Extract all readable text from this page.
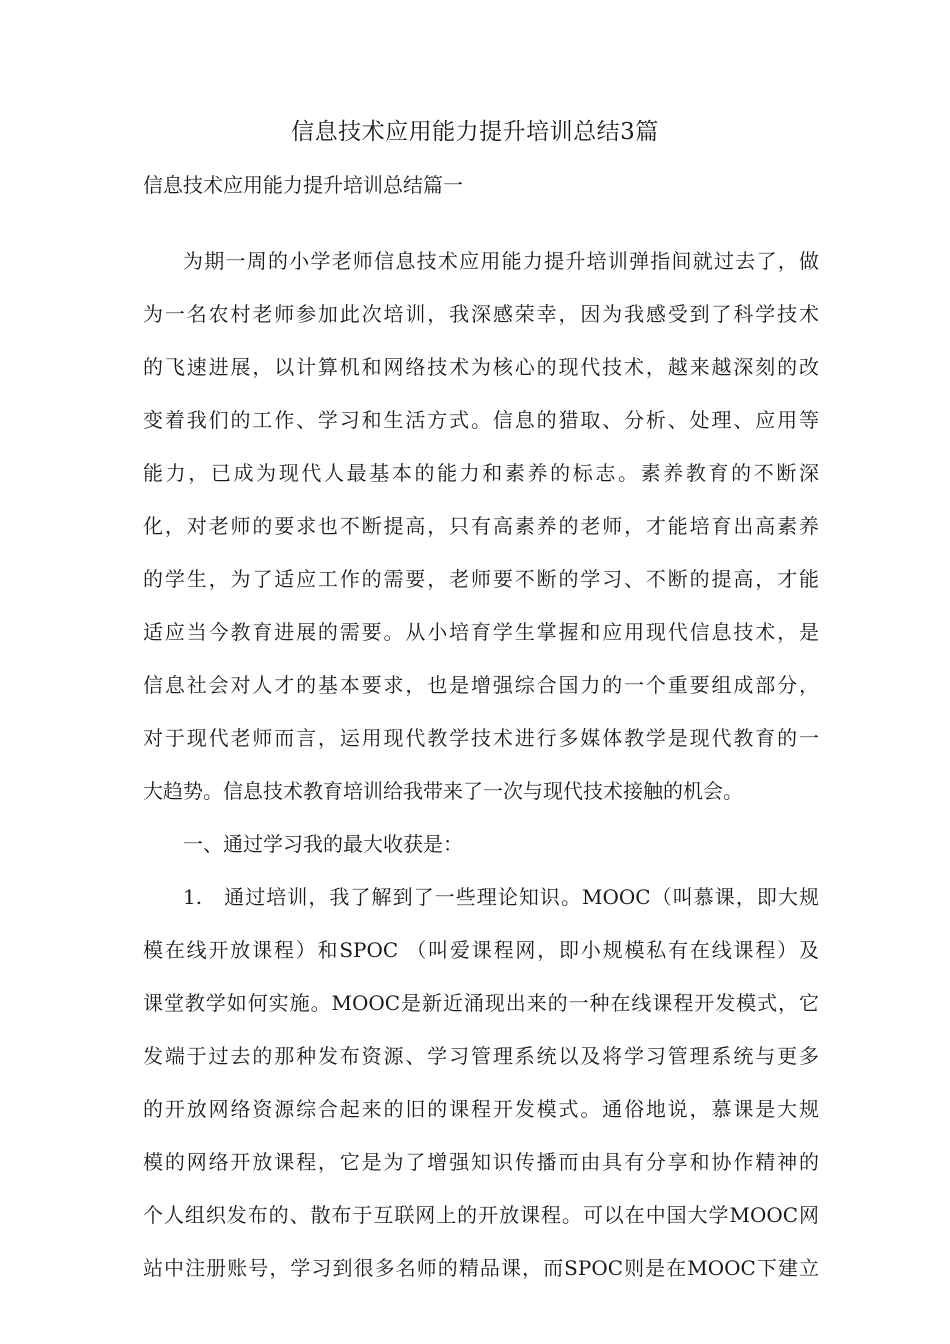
信息技术应用能力提升培训总结3篇
信息技术应用能力提升培训总结篇一
为期一周的小学老师信息技术应用能力提升培训弹指间就过去了，做
为一名农村老师参加此次培训，我深感荣幸，因为我感受到了科学技术
的飞速进展，以计算机和网络技术为核心的现代技术，越来越深刻的改
变着我们的工作、学习和生活方式。信息的猎取、分析、处理、应用等
能力，已成为现代人最基本的能力和素养的标志。素养教育的不断深
化，对老师的要求也不断提高，只有高素养的老师，才能培育出高素养
的学生，为了适应工作的需要，老师要不断的学习、不断的提高，才能
适应当今教育进展的需要。从小培育学生掌握和应用现代信息技术，是
信息社会对人才的基本要求，也是增强综合国力的一个重要组成部分，
对于现代老师而言，运用现代教学技术进行多媒体教学是现代教育的一
大趋势。信息技术教育培训给我带来了一次与现代技术接触的机会。
一、通过学习我的最大收获是：
1.　通过培训，我了解到了一些理论知识。MOOC（叫慕课，即大规
模在线开放课程）和SPOC （叫爱课程网，即小规模私有在线课程）及
课堂教学如何实施。MOOC是新近涌现出来的一种在线课程开发模式，它
发端于过去的那种发布资源、学习管理系统以及将学习管理系统与更多
的开放网络资源综合起来的旧的课程开发模式。通俗地说，慕课是大规
模的网络开放课程，它是为了增强知识传播而由具有分享和协作精神的
个人组织发布的、散布于互联网上的开放课程。可以在中国大学MOOC网
站中注册账号，学习到很多名师的精品课，而SPOC则是在MOOC下建立
